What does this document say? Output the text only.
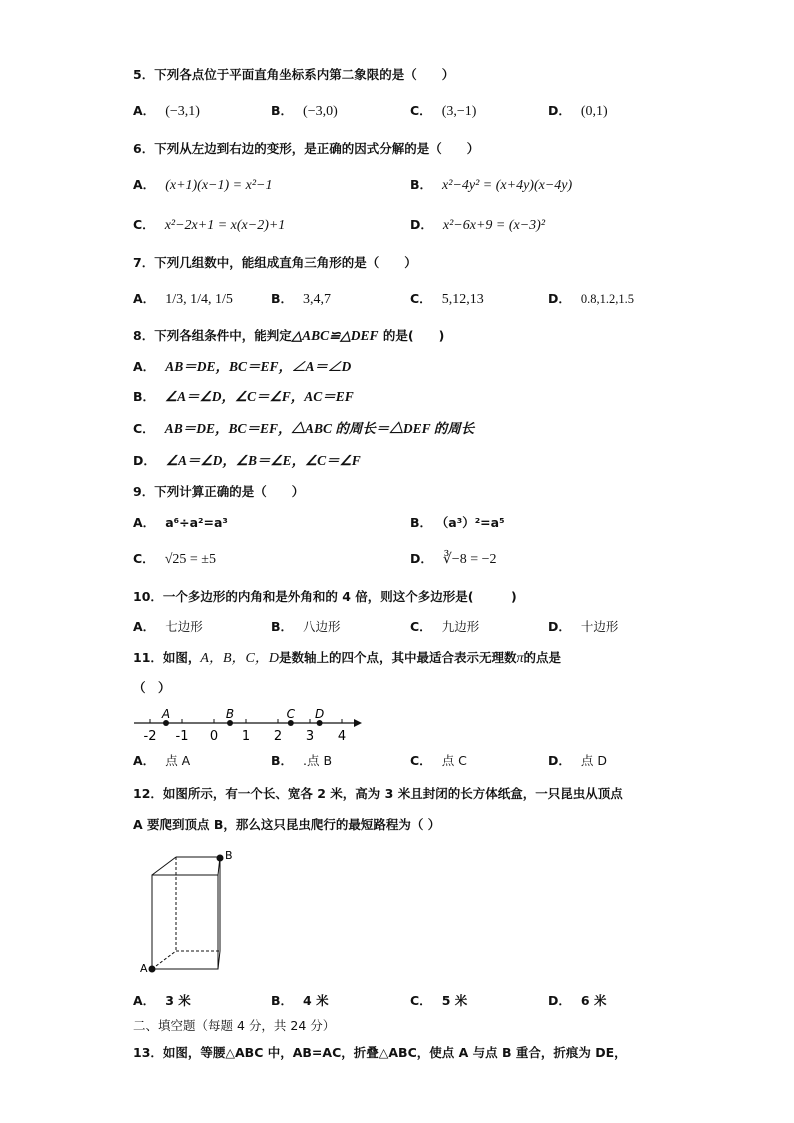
5．下列各点位于平面直角坐标系内第二象限的是（　　）
A． (−3,1)	B． (−3,0)	C． (3,−1)	D． (0,1)
6．下列从左边到右边的变形，是正确的因式分解的是（　　）
A． (x+1)(x−1) = x²−1	B． x²−4y² = (x+4y)(x−4y)
C． x²−2x+1 = x(x−2)+1	D． x²−6x+9 = (x−3)²
7．下列几组数中，能组成直角三角形的是（　　）
A． 1/3, 1/4, 1/5	B． 3,4,7	C． 5,12,13	D． 0.8,1.2,1.5
8．下列各组条件中，能判定△ABC≌△DEF 的是(　　)
A． AB＝DE，BC＝EF，∠A＝∠D
B． ∠A＝∠D，∠C＝∠F，AC＝EF
C． AB＝DE，BC＝EF，△ABC 的周长＝△DEF 的周长
D． ∠A＝∠D，∠B＝∠E，∠C＝∠F
9．下列计算正确的是（　　）
A． a⁶÷a²=a³	B． （a³）²=a⁵
C． √25 = ±5	D． ∛−8 = −2
10．一个多边形的内角和是外角和的 4 倍，则这个多边形是(　　　)
A． 七边形	B． 八边形	C． 九边形	D． 十边形
11．如图，A，B，C，D是数轴上的四个点，其中最适合表示无理数π的点是
（　）
-2 -1 0 1 2 3 4
A	B	C D
A． 点 A	B． .点 B	C． 点 C	D． 点 D
12．如图所示，有一个长、宽各 2 米，高为 3 米且封闭的长方体纸盒，一只昆虫从顶点
A 要爬到顶点 B，那么这只昆虫爬行的最短路程为（ ）
B
A
A． 3 米	B． 4 米	C． 5 米	D． 6 米
二、填空题（每题 4 分，共 24 分）
13．如图，等腰△ABC 中，AB=AC，折叠△ABC，使点 A 与点 B 重合，折痕为 DE，
